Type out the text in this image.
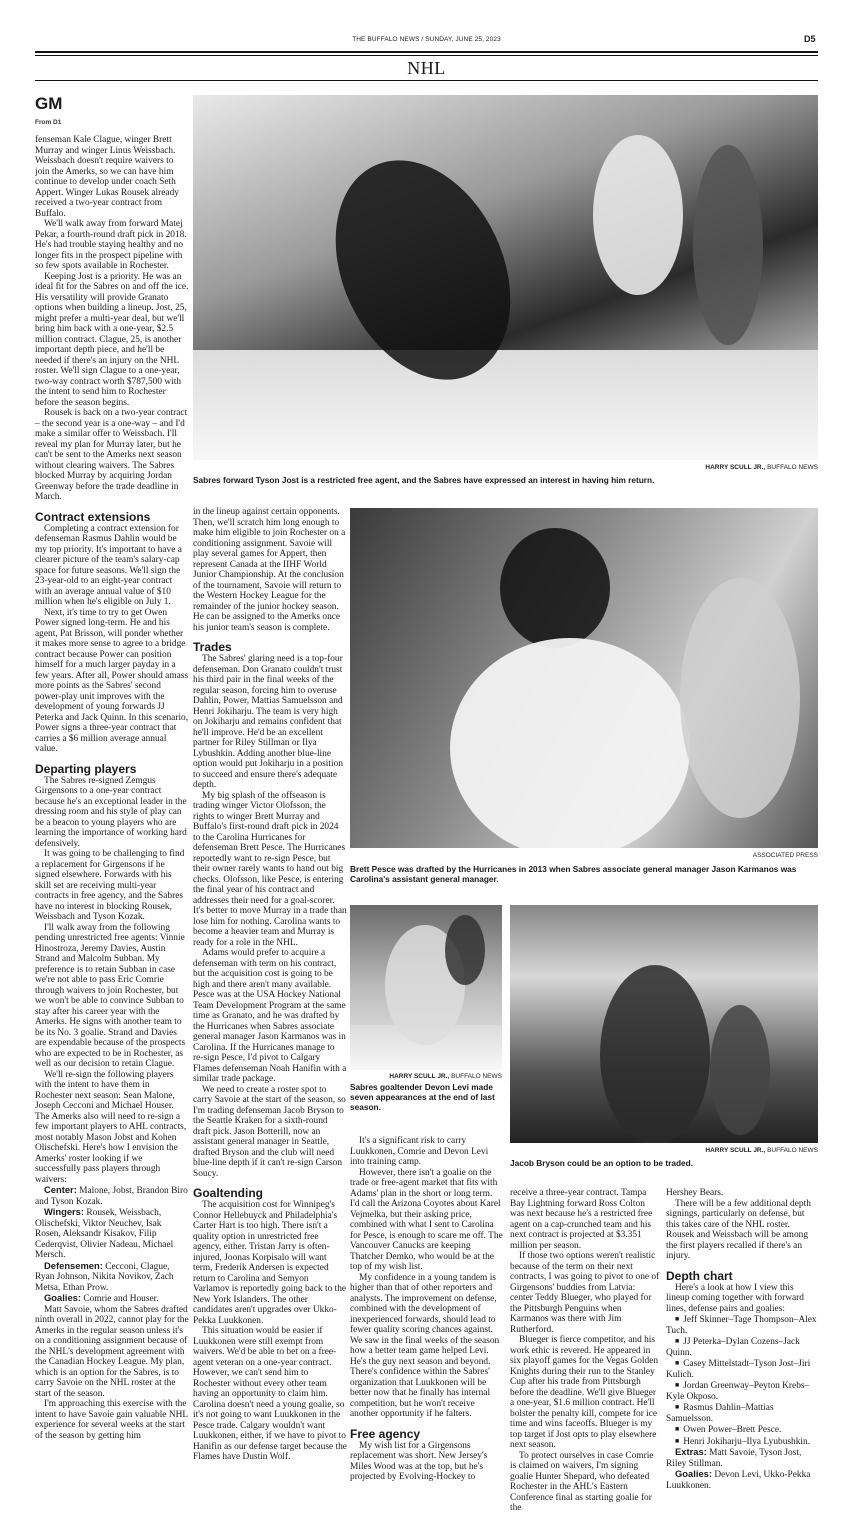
THE BUFFALO NEWS / SUNDAY, JUNE 25, 2023	D5
NHL
GM
From D1
HARRY SCULL JR., BUFFALO NEWS
Sabres forward Tyson Jost is a restricted free agent, and the Sabres have expressed an interest in having him return.
ASSOCIATED PRESS
Brett Pesce was drafted by the Hurricanes in 2013 when Sabres associate general manager Jason Karmanos was Carolina's assistant general manager.
HARRY SCULL JR., BUFFALO NEWS
Sabres goaltender Devon Levi made seven appearances at the end of last season.
HARRY SCULL JR., BUFFALO NEWS
Jacob Bryson could be an option to be traded.

fenseman Kale Clague, winger Brett Murray and winger Linus Weissbach. Weissbach doesn't require waivers to join the Amerks, so we can have him continue to develop under coach Seth Appert. Winger Lukas Rousek already received a two-year contract from Buffalo.

We'll walk away from forward Matej Pekar, a fourth-round draft pick in 2018. He's had trouble staying healthy and no longer fits in the prospect pipeline with so few spots available in Rochester.

Keeping Jost is a priority. He was an ideal fit for the Sabres on and off the ice. His versatility will provide Granato options when building a lineup. Jost, 25, might prefer a multi-year deal, but we'll bring him back with a one-year, $2.5 million contract. Clague, 25, is another important depth piece, and he'll be needed if there's an injury on the NHL roster. We'll sign Clague to a one-year, two-way contract worth $787,500 with the intent to send him to Rochester before the season begins.

Rousek is back on a two-year contract – the second year is a one-way – and I'd make a similar offer to Weissbach. I'll reveal my plan for Murray later, but he can't be sent to the Amerks next season without clearing waivers. The Sabres blocked Murray by acquiring Jordan Greenway before the trade deadline in March.

Contract extensions

Completing a contract extension for defenseman Rasmus Dahlin would be my top priority. It's important to have a clearer picture of the team's salary-cap space for future seasons. We'll sign the 23-year-old to an eight-year contract with an average annual value of $10 million when he's eligible on July 1.

Next, it's time to try to get Owen Power signed long-term. He and his agent, Pat Brisson, will ponder whether it makes more sense to agree to a bridge contract because Power can position himself for a much larger payday in a few years. After all, Power should amass more points as the Sabres' second power-play unit improves with the development of young forwards JJ Peterka and Jack Quinn. In this scenario, Power signs a three-year contract that carries a $6 million average annual value.

Departing players

The Sabres re-signed Zemgus Girgensons to a one-year contract because he's an exceptional leader in the dressing room and his style of play can be a beacon to young players who are learning the importance of working hard defensively.

It was going to be challenging to find a replacement for Girgensons if he signed elsewhere. Forwards with his skill set are receiving multi-year contracts in free agency, and the Sabres have no interest in blocking Rousek, Weissbach and Tyson Kozak.

I'll walk away from the following pending unrestricted free agents: Vinnie Hinostroza, Jeremy Davies, Austin Strand and Malcolm Subban. My preference is to retain Subban in case we're not able to pass Eric Comrie through waivers to join Rochester, but we won't be able to convince Subban to stay after his career year with the Amerks. He signs with another team to be its No. 3 goalie. Strand and Davies are expendable because of the prospects who are expected to be in Rochester, as well as our decision to retain Clague.

We'll re-sign the following players with the intent to have them in Rochester next season: Sean Malone, Joseph Cecconi and Michael Houser. The Amerks also will need to re-sign a few important players to AHL contracts, most notably Mason Jobst and Kohen Olischefski. Here's how I envision the Amerks' roster looking if we successfully pass players through waivers:

Center: Malone, Jobst, Brandon Biro and Tyson Kozak.

Wingers: Rousek, Weissbach, Olischefski, Viktor Neuchev, Isak Rosen, Aleksandr Kisakov, Filip Cederqvist, Olivier Nadeau, Michael Mersch.

Defensemen: Cecconi, Clague, Ryan Johnson, Nikita Novikov, Zach Metsa, Ethan Prow.

Goalies: Comrie and Houser.

Matt Savoie, whom the Sabres drafted ninth overall in 2022, cannot play for the Amerks in the regular season unless it's on a conditioning assignment because of the NHL's development agreement with the Canadian Hockey League. My plan, which is an option for the Sabres, is to carry Savoie on the NHL roster at the start of the season.

I'm approaching this exercise with the intent to have Savoie gain valuable NHL experience for several weeks at the start of the season by getting him

in the lineup against certain opponents. Then, we'll scratch him long enough to make him eligible to join Rochester on a conditioning assignment. Savoie will play several games for Appert, then represent Canada at the IIHF World Junior Championship. At the conclusion of the tournament, Savoie will return to the Western Hockey League for the remainder of the junior hockey season. He can be assigned to the Amerks once his junior team's season is complete.

Trades

The Sabres' glaring need is a top-four defenseman. Don Granato couldn't trust his third pair in the final weeks of the regular season, forcing him to overuse Dahlin, Power, Mattias Samuelsson and Henri Jokiharju. The team is very high on Jokiharju and remains confident that he'll improve. He'd be an excellent partner for Riley Stillman or Ilya Lybushkin. Adding another blue-line option would put Jokiharju in a position to succeed and ensure there's adequate depth.

My big splash of the offseason is trading winger Victor Olofsson, the rights to winger Brett Murray and Buffalo's first-round draft pick in 2024 to the Carolina Hurricanes for defenseman Brett Pesce. The Hurricanes reportedly want to re-sign Pesce, but their owner rarely wants to hand out big checks. Olofsson, like Pesce, is entering the final year of his contract and addresses their need for a goal-scorer. It's better to move Murray in a trade than lose him for nothing. Carolina wants to become a heavier team and Murray is ready for a role in the NHL.

Adams would prefer to acquire a defenseman with term on his contract, but the acquisition cost is going to be high and there aren't many available. Pesce was at the USA Hockey National Team Development Program at the same time as Granato, and he was drafted by the Hurricanes when Sabres associate general manager Jason Karmanos was in Carolina. If the Hurricanes manage to re-sign Pesce, I'd pivot to Calgary Flames defenseman Noah Hanifin with a similar trade package.

We need to create a roster spot to carry Savoie at the start of the season, so I'm trading defenseman Jacob Bryson to the Seattle Kraken for a sixth-round draft pick. Jason Botterill, now an assistant general manager in Seattle, drafted Bryson and the club will need blue-line depth if it can't re-sign Carson Soucy.

Goaltending

The acquisition cost for Winnipeg's Connor Hellebuyck and Philadelphia's Carter Hart is too high. There isn't a quality option in unrestricted free agency, either. Tristan Jarry is often-injured, Joonas Korpisalo will want term, Frederik Andersen is expected return to Carolina and Semyon Varlamov is reportedly going back to the New York Islanders. The other candidates aren't upgrades over Ukko-Pekka Luukkonen.

This situation would be easier if Luukkonen were still exempt from waivers. We'd be able to bet on a free-agent veteran on a one-year contract. However, we can't send him to Rochester without every other team having an opportunity to claim him. Carolina doesn't need a young goalie, so it's not going to want Luukkonen in the Pesce trade. Calgary wouldn't want Luukkonen, either, if we have to pivot to Hanifin as our defense target because the Flames have Dustin Wolf.

It's a significant risk to carry Luukkonen, Comrie and Devon Levi into training camp.

However, there isn't a goalie on the trade or free-agent market that fits with Adams' plan in the short or long term. I'd call the Arizona Coyotes about Karel Vejmelka, but their asking price, combined with what I sent to Carolina for Pesce, is enough to scare me off. The Vancouver Canucks are keeping Thatcher Demko, who would be at the top of my wish list.

My confidence in a young tandem is higher than that of other reporters and analysts. The improvement on defense, combined with the development of inexperienced forwards, should lead to fewer quality scoring chances against. We saw in the final weeks of the season how a better team game helped Levi. He's the guy next season and beyond. There's confidence within the Sabres' organization that Luukkonen will be better now that he finally has internal competition, but he won't receive another opportunity if he falters.

Free agency

My wish list for a Girgensons replacement was short. New Jersey's Miles Wood was at the top, but he's projected by Evolving-Hockey to

receive a three-year contract. Tampa Bay Lightning forward Ross Colton was next because he's a restricted free agent on a cap-crunched team and his next contract is projected at $3.351 million per season.

If those two options weren't realistic because of the term on their next contracts, I was going to pivot to one of Girgensons' buddies from Latvia: center Teddy Blueger, who played for the Pittsburgh Penguins when Karmanos was there with Jim Rutherford.

Blueger is fierce competitor, and his work ethic is revered. He appeared in six playoff games for the Vegas Golden Knights during their run to the Stanley Cup after his trade from Pittsburgh before the deadline. We'll give Blueger a one-year, $1.6 million contract. He'll bolster the penalty kill, compete for ice time and wins faceoffs. Blueger is my top target if Jost opts to play elsewhere next season.

To protect ourselves in case Comrie is claimed on waivers, I'm signing goalie Hunter Shepard, who defeated Rochester in the AHL's Eastern Conference final as starting goalie for the

Hershey Bears.

There will be a few additional depth signings, particularly on defense, but this takes care of the NHL roster. Rousek and Weissbach will be among the first players recalled if there's an injury.

Depth chart

Here's a look at how I view this lineup coming together with forward lines, defense pairs and goalies:

■ Jeff Skinner–Tage Thompson–Alex Tuch.

■ JJ Peterka–Dylan Cozens–Jack Quinn.

■ Casey Mittelstadt–Tyson Jost–Jiri Kulich.

■ Jordan Greenway–Peyton Krebs–Kyle Okposo.

■ Rasmus Dahlin–Mattias Samuelsson.

■ Owen Power–Brett Pesce.

■ Henri Jokiharju–Ilya Lyubushkin.

Extras: Matt Savoie, Tyson Jost, Riley Stillman.

Goalies: Devon Levi, Ukko-Pekka Luukkonen.
